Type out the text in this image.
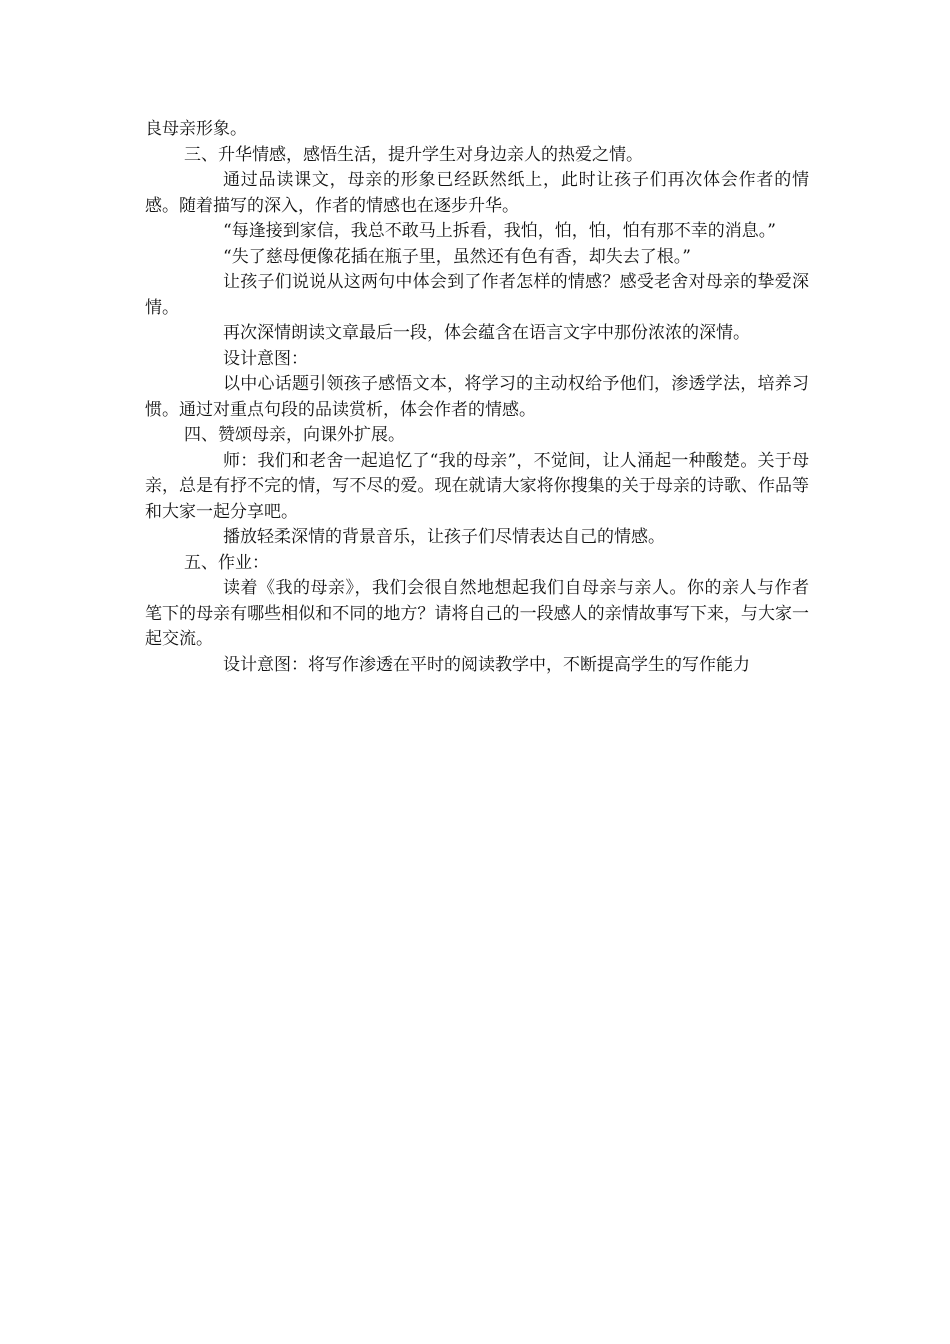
良母亲形象。

三、升华情感，感悟生活，提升学生对身边亲人的热爱之情。

通过品读课文，母亲的形象已经跃然纸上，此时让孩子们再次体会作者的情感。随着描写的深入，作者的情感也在逐步升华。

“每逢接到家信，我总不敢马上拆看，我怕，怕，怕，怕有那不幸的消息。”

“失了慈母便像花插在瓶子里，虽然还有色有香，却失去了根。”

让孩子们说说从这两句中体会到了作者怎样的情感？感受老舍对母亲的挚爱深情。

再次深情朗读文章最后一段，体会蕴含在语言文字中那份浓浓的深情。

设计意图：

以中心话题引领孩子感悟文本，将学习的主动权给予他们，渗透学法，培养习惯。通过对重点句段的品读赏析，体会作者的情感。

四、赞颂母亲，向课外扩展。

师：我们和老舍一起追忆了“我的母亲”，不觉间，让人涌起一种酸楚。关于母亲，总是有抒不完的情，写不尽的爱。现在就请大家将你搜集的关于母亲的诗歌、作品等和大家一起分享吧。

播放轻柔深情的背景音乐，让孩子们尽情表达自己的情感。

五、作业：

读着《我的母亲》，我们会很自然地想起我们自母亲与亲人。你的亲人与作者笔下的母亲有哪些相似和不同的地方？请将自己的一段感人的亲情故事写下来，与大家一起交流。

设计意图：将写作渗透在平时的阅读教学中，不断提高学生的写作能力
